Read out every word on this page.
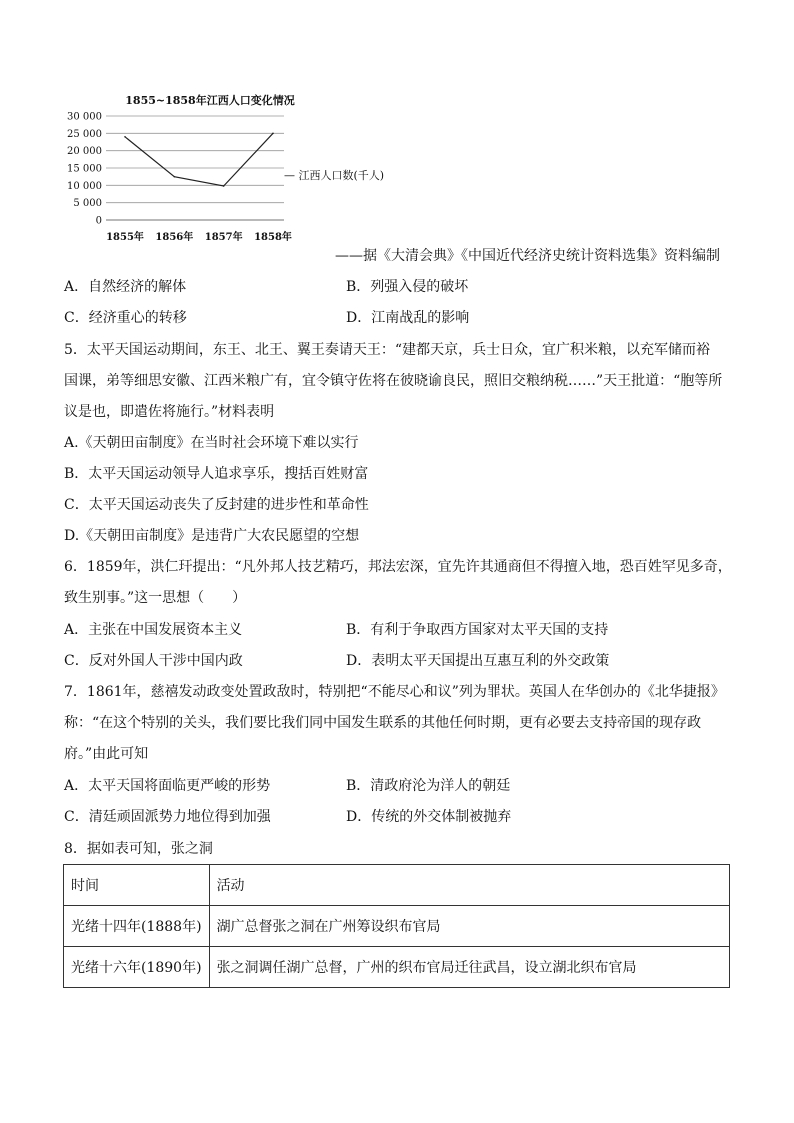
1855~1858年江西人口变化情况
30 000
25 000
20 000
15 000
10 000
5 000
0
1855年 1856年 1857年 1858年
— 江西人口数(千人)
——据《大清会典》《中国近代经济史统计资料选集》资料编制
A．自然经济的解体	B．列强入侵的破坏
C．经济重心的转移	D．江南战乱的影响
5．太平天国运动期间，东王、北王、翼王奏请天王：“建都天京，兵士日众，宜广积米粮，以充军储而裕
国课，弟等细思安徽、江西米粮广有，宜令镇守佐将在彼晓谕良民，照旧交粮纳税……”天王批道：“胞等所
议是也，即遣佐将施行。”材料表明
A.《天朝田亩制度》在当时社会环境下难以实行
B．太平天国运动领导人追求享乐，搜括百姓财富
C．太平天国运动丧失了反封建的进步性和革命性
D.《天朝田亩制度》是违背广大农民愿望的空想
6．1859年，洪仁玕提出：“凡外邦人技艺精巧，邦法宏深，宜先许其通商但不得擅入地，恐百姓罕见多奇，
致生别事。”这一思想（　　）
A．主张在中国发展资本主义	B．有利于争取西方国家对太平天国的支持
C．反对外国人干涉中国内政	D．表明太平天国提出互惠互利的外交政策
7．1861年，慈禧发动政变处置政敌时，特别把“不能尽心和议”列为罪状。英国人在华创办的《北华捷报》
称：“在这个特别的关头，我们要比我们同中国发生联系的其他任何时期，更有必要去支持帝国的现存政
府。”由此可知
A．太平天国将面临更严峻的形势	B．清政府沦为洋人的朝廷
C．清廷顽固派势力地位得到加强	D．传统的外交体制被抛弃
8．据如表可知，张之洞
时间	活动
光绪十四年(1888年)	湖广总督张之洞在广州筹设织布官局
光绪十六年(1890年)	张之洞调任湖广总督，广州的织布官局迁往武昌，设立湖北织布官局
